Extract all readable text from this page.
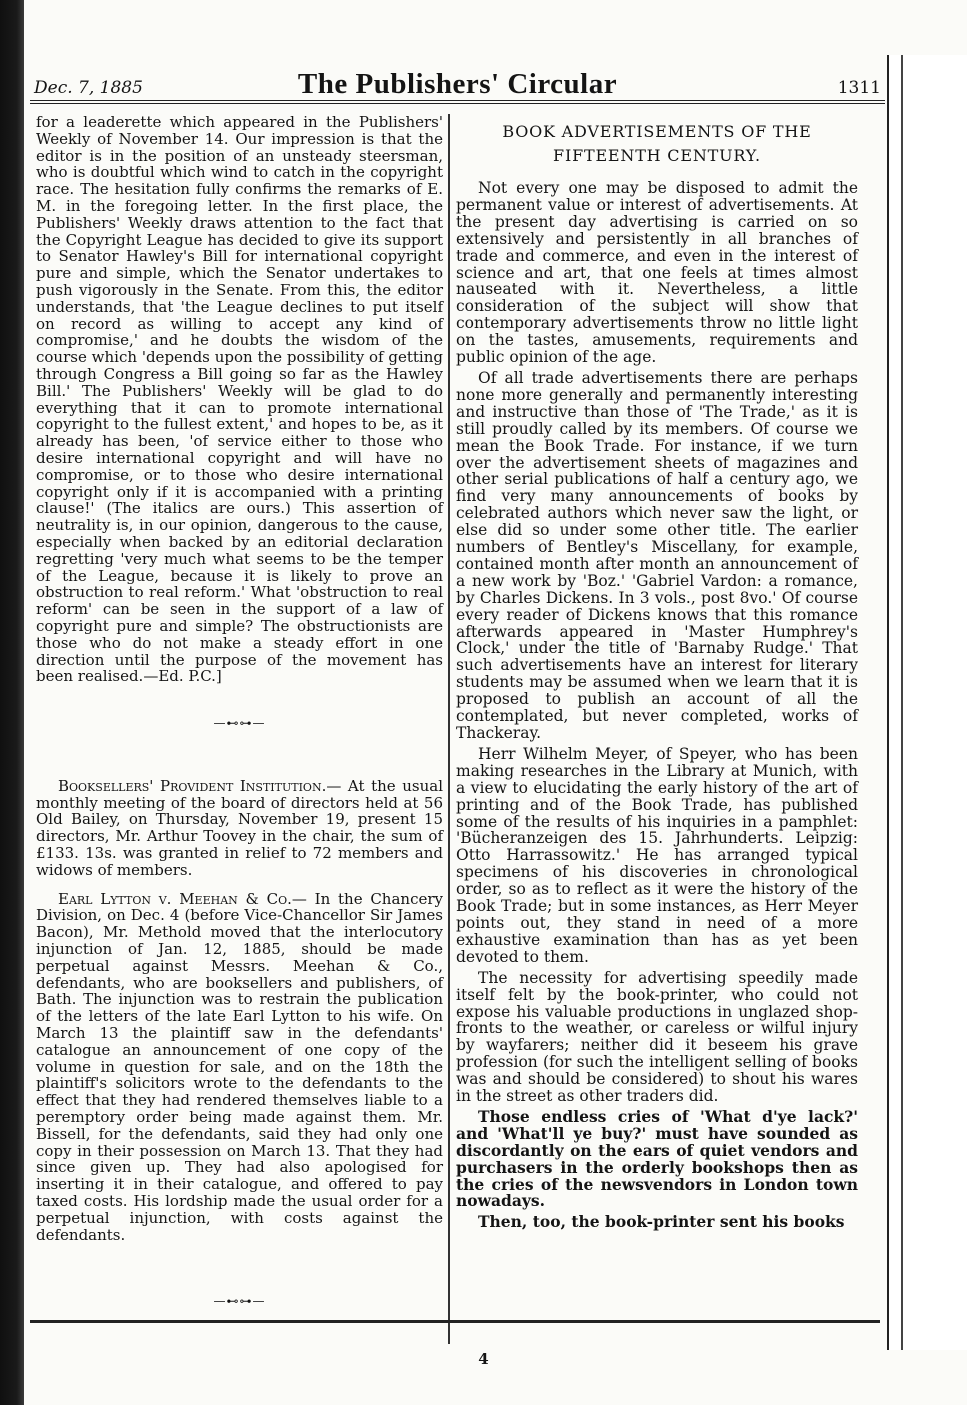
Dec. 7, 1885	The Publishers' Circular	1311

for a leaderette which appeared in the Publishers' Weekly of November 14. Our impression is that the editor is in the position of an unsteady steersman, who is doubtful which wind to catch in the copyright race. The hesitation fully confirms the remarks of E. M. in the foregoing letter. In the first place, the Publishers' Weekly draws attention to the fact that the Copyright League has decided to give its support to Senator Hawley's Bill for international copyright pure and simple, which the Senator undertakes to push vigorously in the Senate. From this, the editor understands, that 'the League declines to put itself on record as willing to accept any kind of compromise,' and he doubts the wisdom of the course which 'depends upon the possibility of getting through Congress a Bill going so far as the Hawley Bill.' The Publishers' Weekly will be glad to do everything that it can to promote international copyright to the fullest extent,' and hopes to be, as it already has been, 'of service either to those who desire international copyright and will have no compromise, or to those who desire international copyright only if it is accompanied with a printing clause!' (The italics are ours.) This assertion of neutrality is, in our opinion, dangerous to the cause, especially when backed by an editorial declaration regretting 'very much what seems to be the temper of the League, because it is likely to prove an obstruction to real reform.' What 'obstruction to real reform' can be seen in the support of a law of copyright pure and simple? The obstructionists are those who do not make a steady effort in one direction until the purpose of the movement has been realised.—Ed. P.C.]

—⊷⊶—

Booksellers' Provident Institution.— At the usual monthly meeting of the board of directors held at 56 Old Bailey, on Thursday, November 19, present 15 directors, Mr. Arthur Toovey in the chair, the sum of £133. 13s. was granted in relief to 72 members and widows of members.

Earl Lytton v. Meehan & Co.— In the Chancery Division, on Dec. 4 (before Vice-Chancellor Sir James Bacon), Mr. Methold moved that the interlocutory injunction of Jan. 12, 1885, should be made perpetual against Messrs. Meehan & Co., defendants, who are booksellers and publishers, of Bath. The injunction was to restrain the publication of the letters of the late Earl Lytton to his wife. On March 13 the plaintiff saw in the defendants' catalogue an announcement of one copy of the volume in question for sale, and on the 18th the plaintiff's solicitors wrote to the defendants to the effect that they had rendered themselves liable to a peremptory order being made against them. Mr. Bissell, for the defendants, said they had only one copy in their possession on March 13. That they had since given up. They had also apologised for inserting it in their catalogue, and offered to pay taxed costs. His lordship made the usual order for a perpetual injunction, with costs against the defendants.

—⊷⊶—
BOOK ADVERTISEMENTS OF THE
FIFTEENTH CENTURY.

Not every one may be disposed to admit the permanent value or interest of advertisements. At the present day advertising is carried on so extensively and persistently in all branches of trade and commerce, and even in the interest of science and art, that one feels at times almost nauseated with it. Nevertheless, a little consideration of the subject will show that contemporary advertisements throw no little light on the tastes, amusements, requirements and public opinion of the age.

Of all trade advertisements there are perhaps none more generally and permanently interesting and instructive than those of 'The Trade,' as it is still proudly called by its members. Of course we mean the Book Trade. For instance, if we turn over the advertisement sheets of magazines and other serial publications of half a century ago, we find very many announcements of books by celebrated authors which never saw the light, or else did so under some other title. The earlier numbers of Bentley's Miscellany, for example, contained month after month an announcement of a new work by 'Boz.' 'Gabriel Vardon: a romance, by Charles Dickens. In 3 vols., post 8vo.' Of course every reader of Dickens knows that this romance afterwards appeared in 'Master Humphrey's Clock,' under the title of 'Barnaby Rudge.' That such advertisements have an interest for literary students may be assumed when we learn that it is proposed to publish an account of all the contemplated, but never completed, works of Thackeray.

Herr Wilhelm Meyer, of Speyer, who has been making researches in the Library at Munich, with a view to elucidating the early history of the art of printing and of the Book Trade, has published some of the results of his inquiries in a pamphlet: 'Bücheranzeigen des 15. Jahrhunderts. Leipzig: Otto Harrassowitz.' He has arranged typical specimens of his discoveries in chronological order, so as to reflect as it were the history of the Book Trade; but in some instances, as Herr Meyer points out, they stand in need of a more exhaustive examination than has as yet been devoted to them.

The necessity for advertising speedily made itself felt by the book-printer, who could not expose his valuable productions in unglazed shop-fronts to the weather, or careless or wilful injury by wayfarers; neither did it beseem his grave profession (for such the intelligent selling of books was and should be considered) to shout his wares in the street as other traders did.

Those endless cries of 'What d'ye lack?' and 'What'll ye buy?' must have sounded as discordantly on the ears of quiet vendors and purchasers in the orderly bookshops then as the cries of the newsvendors in London town nowadays.

Then, too, the book-printer sent his books

4
